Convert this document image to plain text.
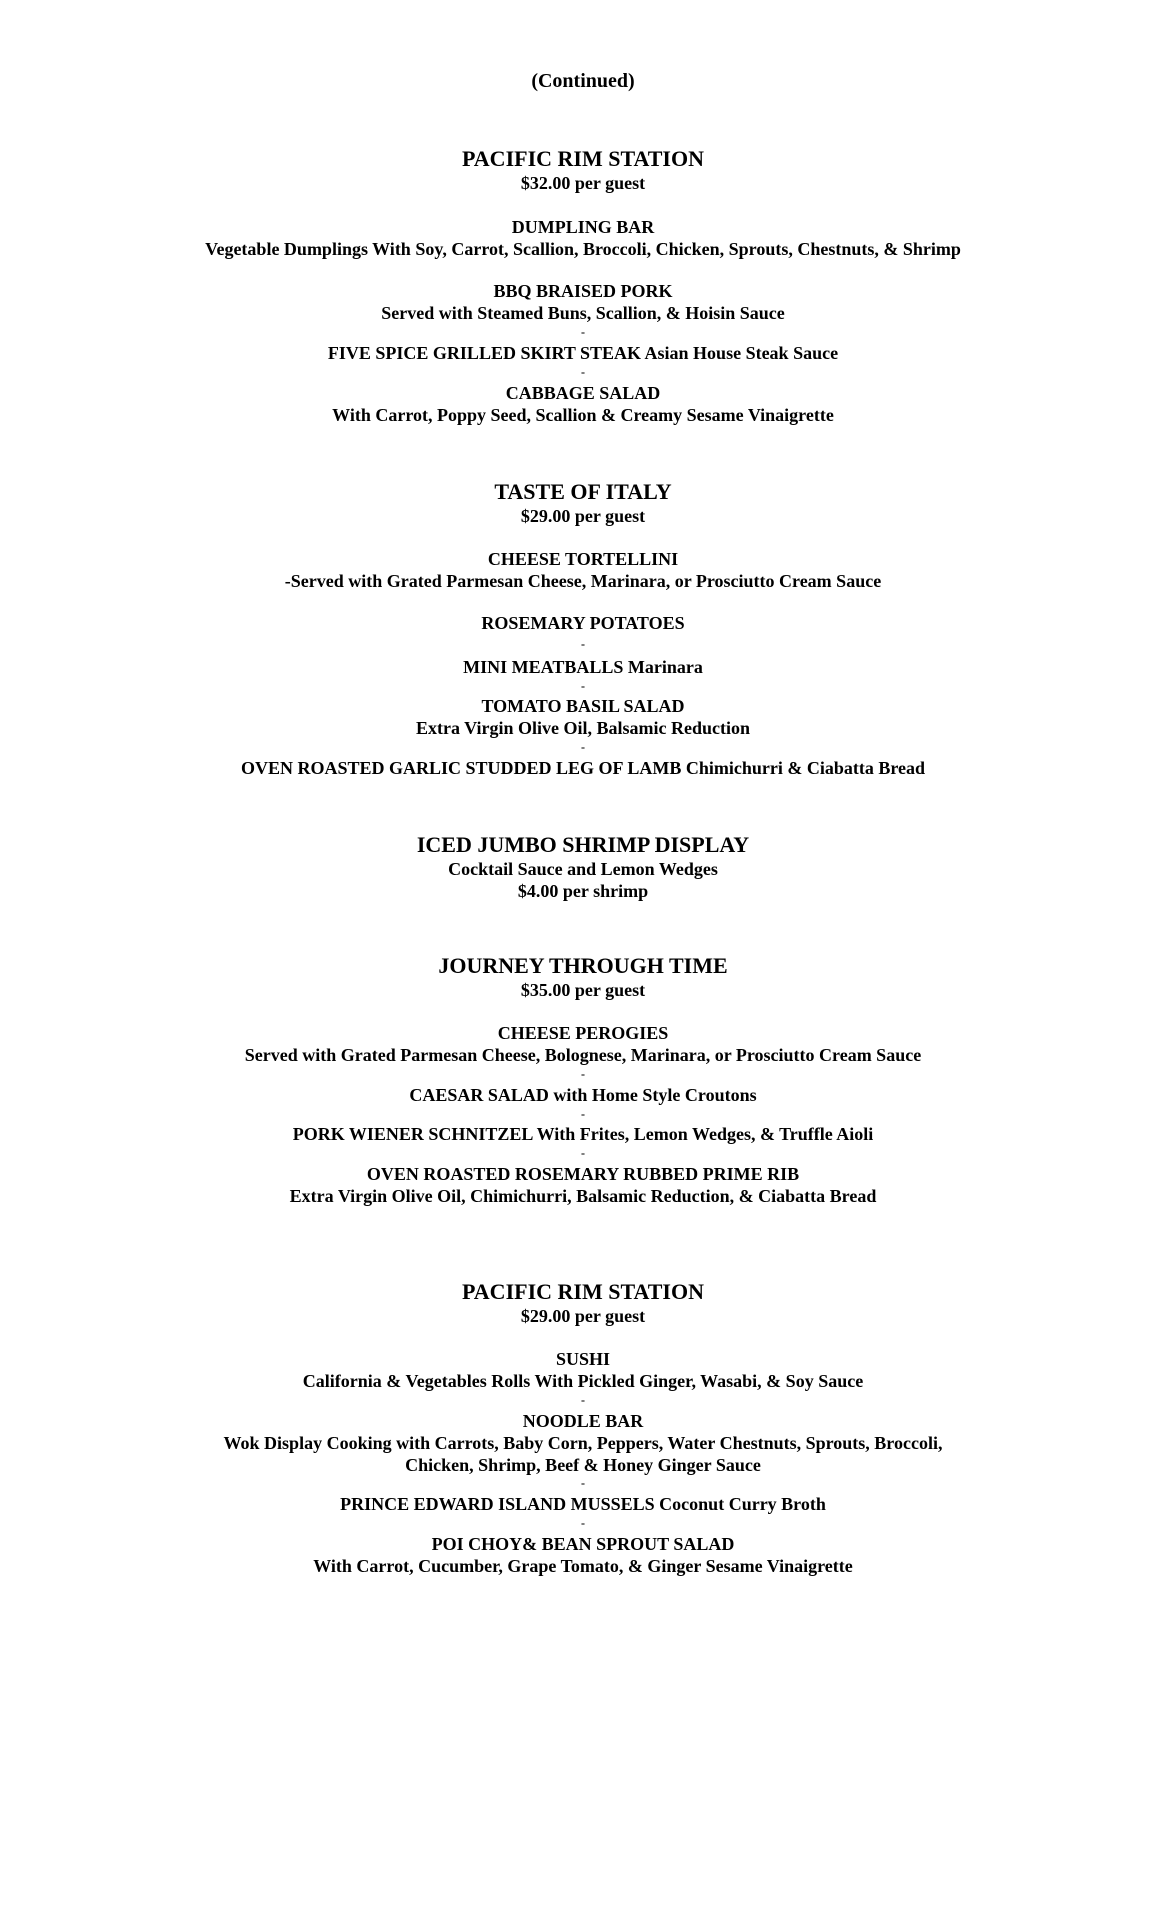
(Continued)
PACIFIC RIM STATION
$32.00 per guest
DUMPLING BAR
Vegetable Dumplings With Soy, Carrot, Scallion, Broccoli, Chicken, Sprouts, Chestnuts, & Shrimp
BBQ BRAISED PORK
Served with Steamed Buns, Scallion, & Hoisin Sauce
-
FIVE SPICE GRILLED SKIRT STEAK Asian House Steak Sauce
-
CABBAGE SALAD
With Carrot, Poppy Seed, Scallion & Creamy Sesame Vinaigrette
TASTE OF ITALY
$29.00 per guest
CHEESE TORTELLINI
-Served with Grated Parmesan Cheese, Marinara, or Prosciutto Cream Sauce
ROSEMARY POTATOES
-
MINI MEATBALLS Marinara
-
TOMATO BASIL SALAD
Extra Virgin Olive Oil, Balsamic Reduction
-
OVEN ROASTED GARLIC STUDDED LEG OF LAMB Chimichurri & Ciabatta Bread
ICED JUMBO SHRIMP DISPLAY
Cocktail Sauce and Lemon Wedges
$4.00 per shrimp
JOURNEY THROUGH TIME
$35.00 per guest
CHEESE PEROGIES
Served with Grated Parmesan Cheese, Bolognese, Marinara, or Prosciutto Cream Sauce
-
CAESAR SALAD with Home Style Croutons
-
PORK WIENER SCHNITZEL With Frites, Lemon Wedges, & Truffle Aioli
-
OVEN ROASTED ROSEMARY RUBBED PRIME RIB
Extra Virgin Olive Oil, Chimichurri, Balsamic Reduction, & Ciabatta Bread
PACIFIC RIM STATION
$29.00 per guest
SUSHI
California & Vegetables Rolls With Pickled Ginger, Wasabi, & Soy Sauce
-
NOODLE BAR
Wok Display Cooking with Carrots, Baby Corn, Peppers, Water Chestnuts, Sprouts, Broccoli,
Chicken, Shrimp, Beef & Honey Ginger Sauce
-
PRINCE EDWARD ISLAND MUSSELS Coconut Curry Broth
-
POI CHOY& BEAN SPROUT SALAD
With Carrot, Cucumber, Grape Tomato, & Ginger Sesame Vinaigrette
